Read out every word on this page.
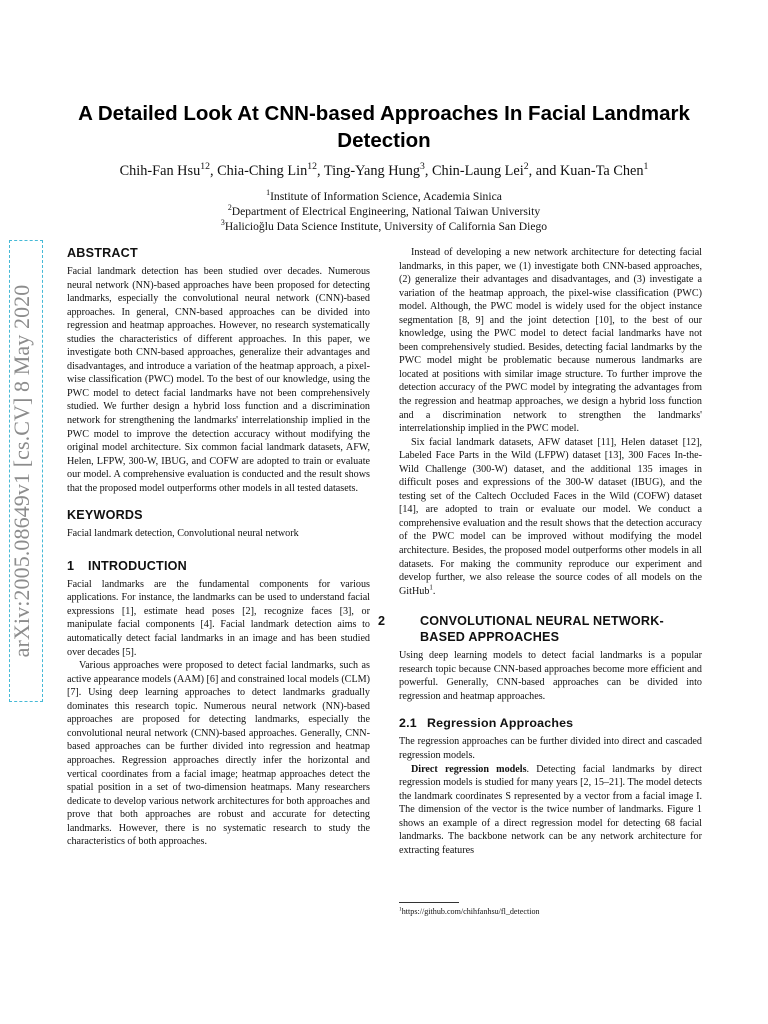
A Detailed Look At CNN-based Approaches In Facial Landmark Detection
Chih-Fan Hsu$^{12}$, Chia-Ching Lin$^{12}$, Ting-Yang Hung$^3$, Chin-Laung Lei$^2$, and Kuan-Ta Chen$^1$
$^1$Institute of Information Science, Academia Sinica
$^2$Department of Electrical Engineering, National Taiwan University
$^3$Halicioğlu Data Science Institute, University of California San Diego
arXiv:2005.08649v1 [cs.CV] 8 May 2020
ABSTRACT

Facial landmark detection has been studied over decades. Numerous neural network (NN)-based approaches have been proposed for detecting landmarks, especially the convolutional neural network (CNN)-based approaches. In general, CNN-based approaches can be divided into regression and heatmap approaches. However, no research systematically studies the characteristics of different approaches. In this paper, we investigate both CNN-based approaches, generalize their advantages and disadvantages, and introduce a variation of the heatmap approach, a pixel-wise classification (PWC) model. To the best of our knowledge, using the PWC model to detect facial landmarks have not been comprehensively studied. We further design a hybrid loss function and a discrimination network for strengthening the landmarks' interrelationship implied in the PWC model to improve the detection accuracy without modifying the original model architecture. Six common facial landmark datasets, AFW, Helen, LFPW, 300-W, IBUG, and COFW are adopted to train or evaluate our model. A comprehensive evaluation is conducted and the result shows that the proposed model outperforms other models in all tested datasets.

KEYWORDS

Facial landmark detection, Convolutional neural network

1 INTRODUCTION

Facial landmarks are the fundamental components for various applications. For instance, the landmarks can be used to understand facial expressions [1], estimate head poses [2], recognize faces [3], or manipulate facial components [4]. Facial landmark detection aims to automatically detect facial landmarks in an image and has been studied over decades [5].

Various approaches were proposed to detect facial landmarks, such as active appearance models (AAM) [6] and constrained local models (CLM) [7]. Using deep learning approaches to detect landmarks gradually dominates this research topic. Numerous neural network (NN)-based approaches are proposed for detecting landmarks, especially the convolutional neural network (CNN)-based approaches. Generally, CNN-based approaches can be further divided into regression and heatmap approaches. Regression approaches directly infer the horizontal and vertical coordinates from a facial image; heatmap approaches detect the spatial position in a set of two-dimension heatmaps. Many researchers dedicate to develop various network architectures for both approaches and prove that both approaches are robust and accurate for detecting landmarks. However, there is no systematic research to study the characteristics of both approaches.

Instead of developing a new network architecture for detecting facial landmarks, in this paper, we (1) investigate both CNN-based approaches, (2) generalize their advantages and disadvantages, and (3) investigate a variation of the heatmap approach, the pixel-wise classification (PWC) model. Although, the PWC model is widely used for the object instance segmentation [8, 9] and the joint detection [10], to the best of our knowledge, using the PWC model to detect facial landmarks have not been comprehensively studied. Besides, detecting facial landmarks by the PWC model might be problematic because numerous landmarks are located at positions with similar image structure. To further improve the detection accuracy of the PWC model by integrating the advantages from the regression and heatmap approaches, we design a hybrid loss function and a discrimination network to strengthen the landmarks' interrelationship implied in the PWC model.

Six facial landmark datasets, AFW dataset [11], Helen dataset [12], Labeled Face Parts in the Wild (LFPW) dataset [13], 300 Faces In-the-Wild Challenge (300-W) dataset, and the additional 135 images in difficult poses and expressions of the 300-W dataset (IBUG), and the testing set of the Caltech Occluded Faces in the Wild (COFW) dataset [14], are adopted to train or evaluate our model. We conduct a comprehensive evaluation and the result shows that the detection accuracy of the PWC model can be improved without modifying the model architecture. Besides, the proposed model outperforms other models in all datasets. For making the community reproduce our experiment and develop further, we also release the source codes of all models on the GitHub$^1$.

2	CONVOLUTIONAL NEURAL NETWORK-BASED APPROACHES

Using deep learning models to detect facial landmarks is a popular research topic because CNN-based approaches become more efficient and powerful. Generally, CNN-based approaches can be divided into regression and heatmap approaches.

2.1 Regression Approaches

The regression approaches can be further divided into direct and cascaded regression models.

Direct regression models. Detecting facial landmarks by direct regression models is studied for many years [2, 15–21]. The model detects the landmark coordinates S represented by a vector from a facial image I. The dimension of the vector is the twice number of landmarks. Figure 1 shows an example of a direct regression model for detecting 68 facial landmarks. The backbone network can be any network architecture for extracting features

$^1$https://github.com/chihfanhsu/fl_detection
